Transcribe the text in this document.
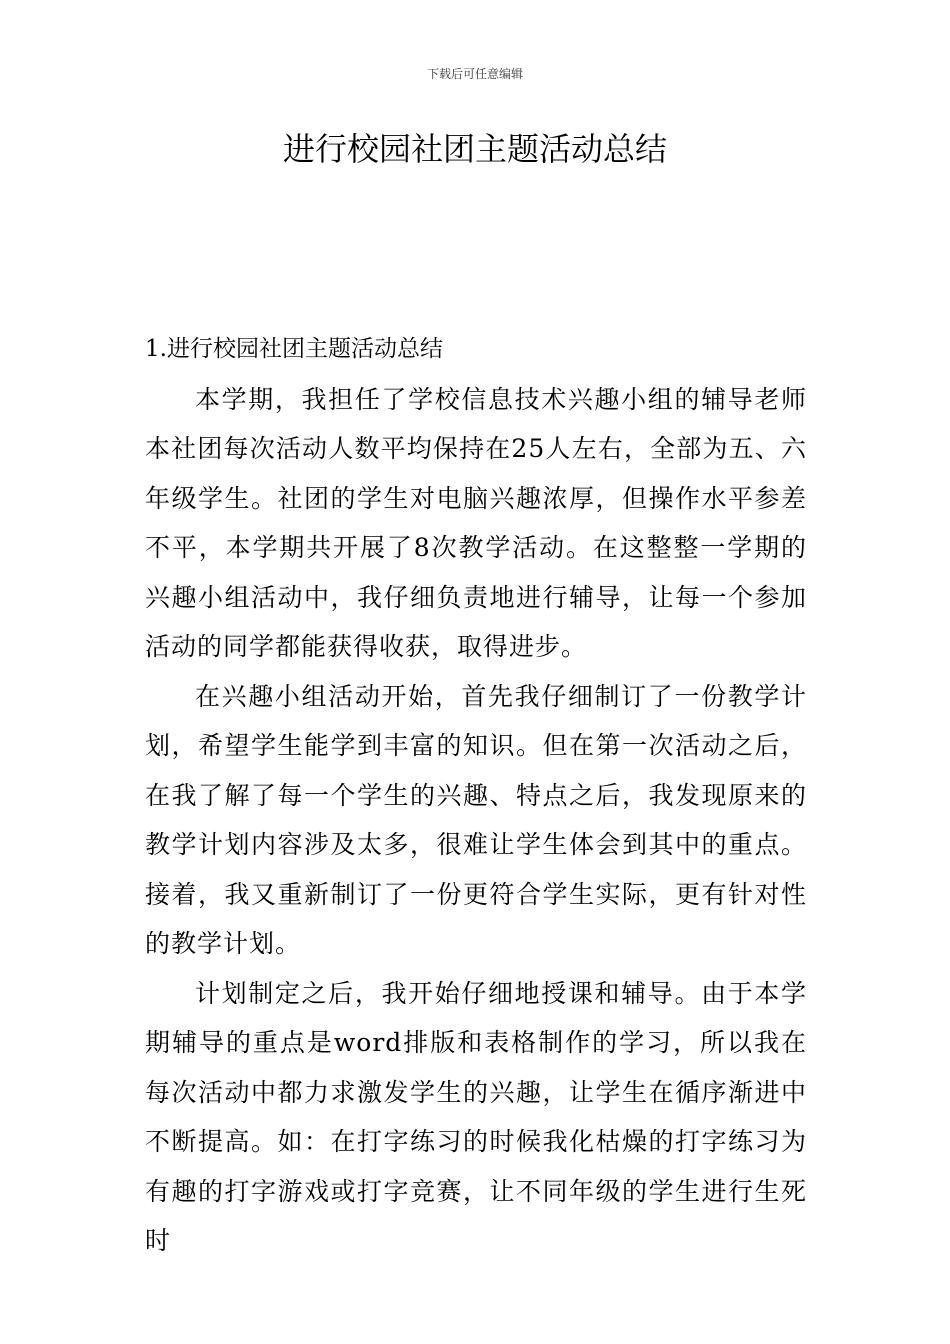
下载后可任意编辑
进行校园社团主题活动总结

1.进行校园社团主题活动总结

本学期，我担任了学校信息技术兴趣小组的辅导老师本社团每次活动人数平均保持在25人左右，全部为五、六年级学生。社团的学生对电脑兴趣浓厚，但操作水平参差不平，本学期共开展了8次教学活动。在这整整一学期的兴趣小组活动中，我仔细负责地进行辅导，让每一个参加活动的同学都能获得收获，取得进步。

在兴趣小组活动开始，首先我仔细制订了一份教学计划，希望学生能学到丰富的知识。但在第一次活动之后，在我了解了每一个学生的兴趣、特点之后，我发现原来的教学计划内容涉及太多，很难让学生体会到其中的重点。接着，我又重新制订了一份更符合学生实际，更有针对性的教学计划。

计划制定之后，我开始仔细地授课和辅导。由于本学期辅导的重点是word排版和表格制作的学习，所以我在每次活动中都力求激发学生的兴趣，让学生在循序渐进中不断提高。如：在打字练习的时候我化枯燥的打字练习为有趣的打字游戏或打字竞赛，让不同年级的学生进行生死时
